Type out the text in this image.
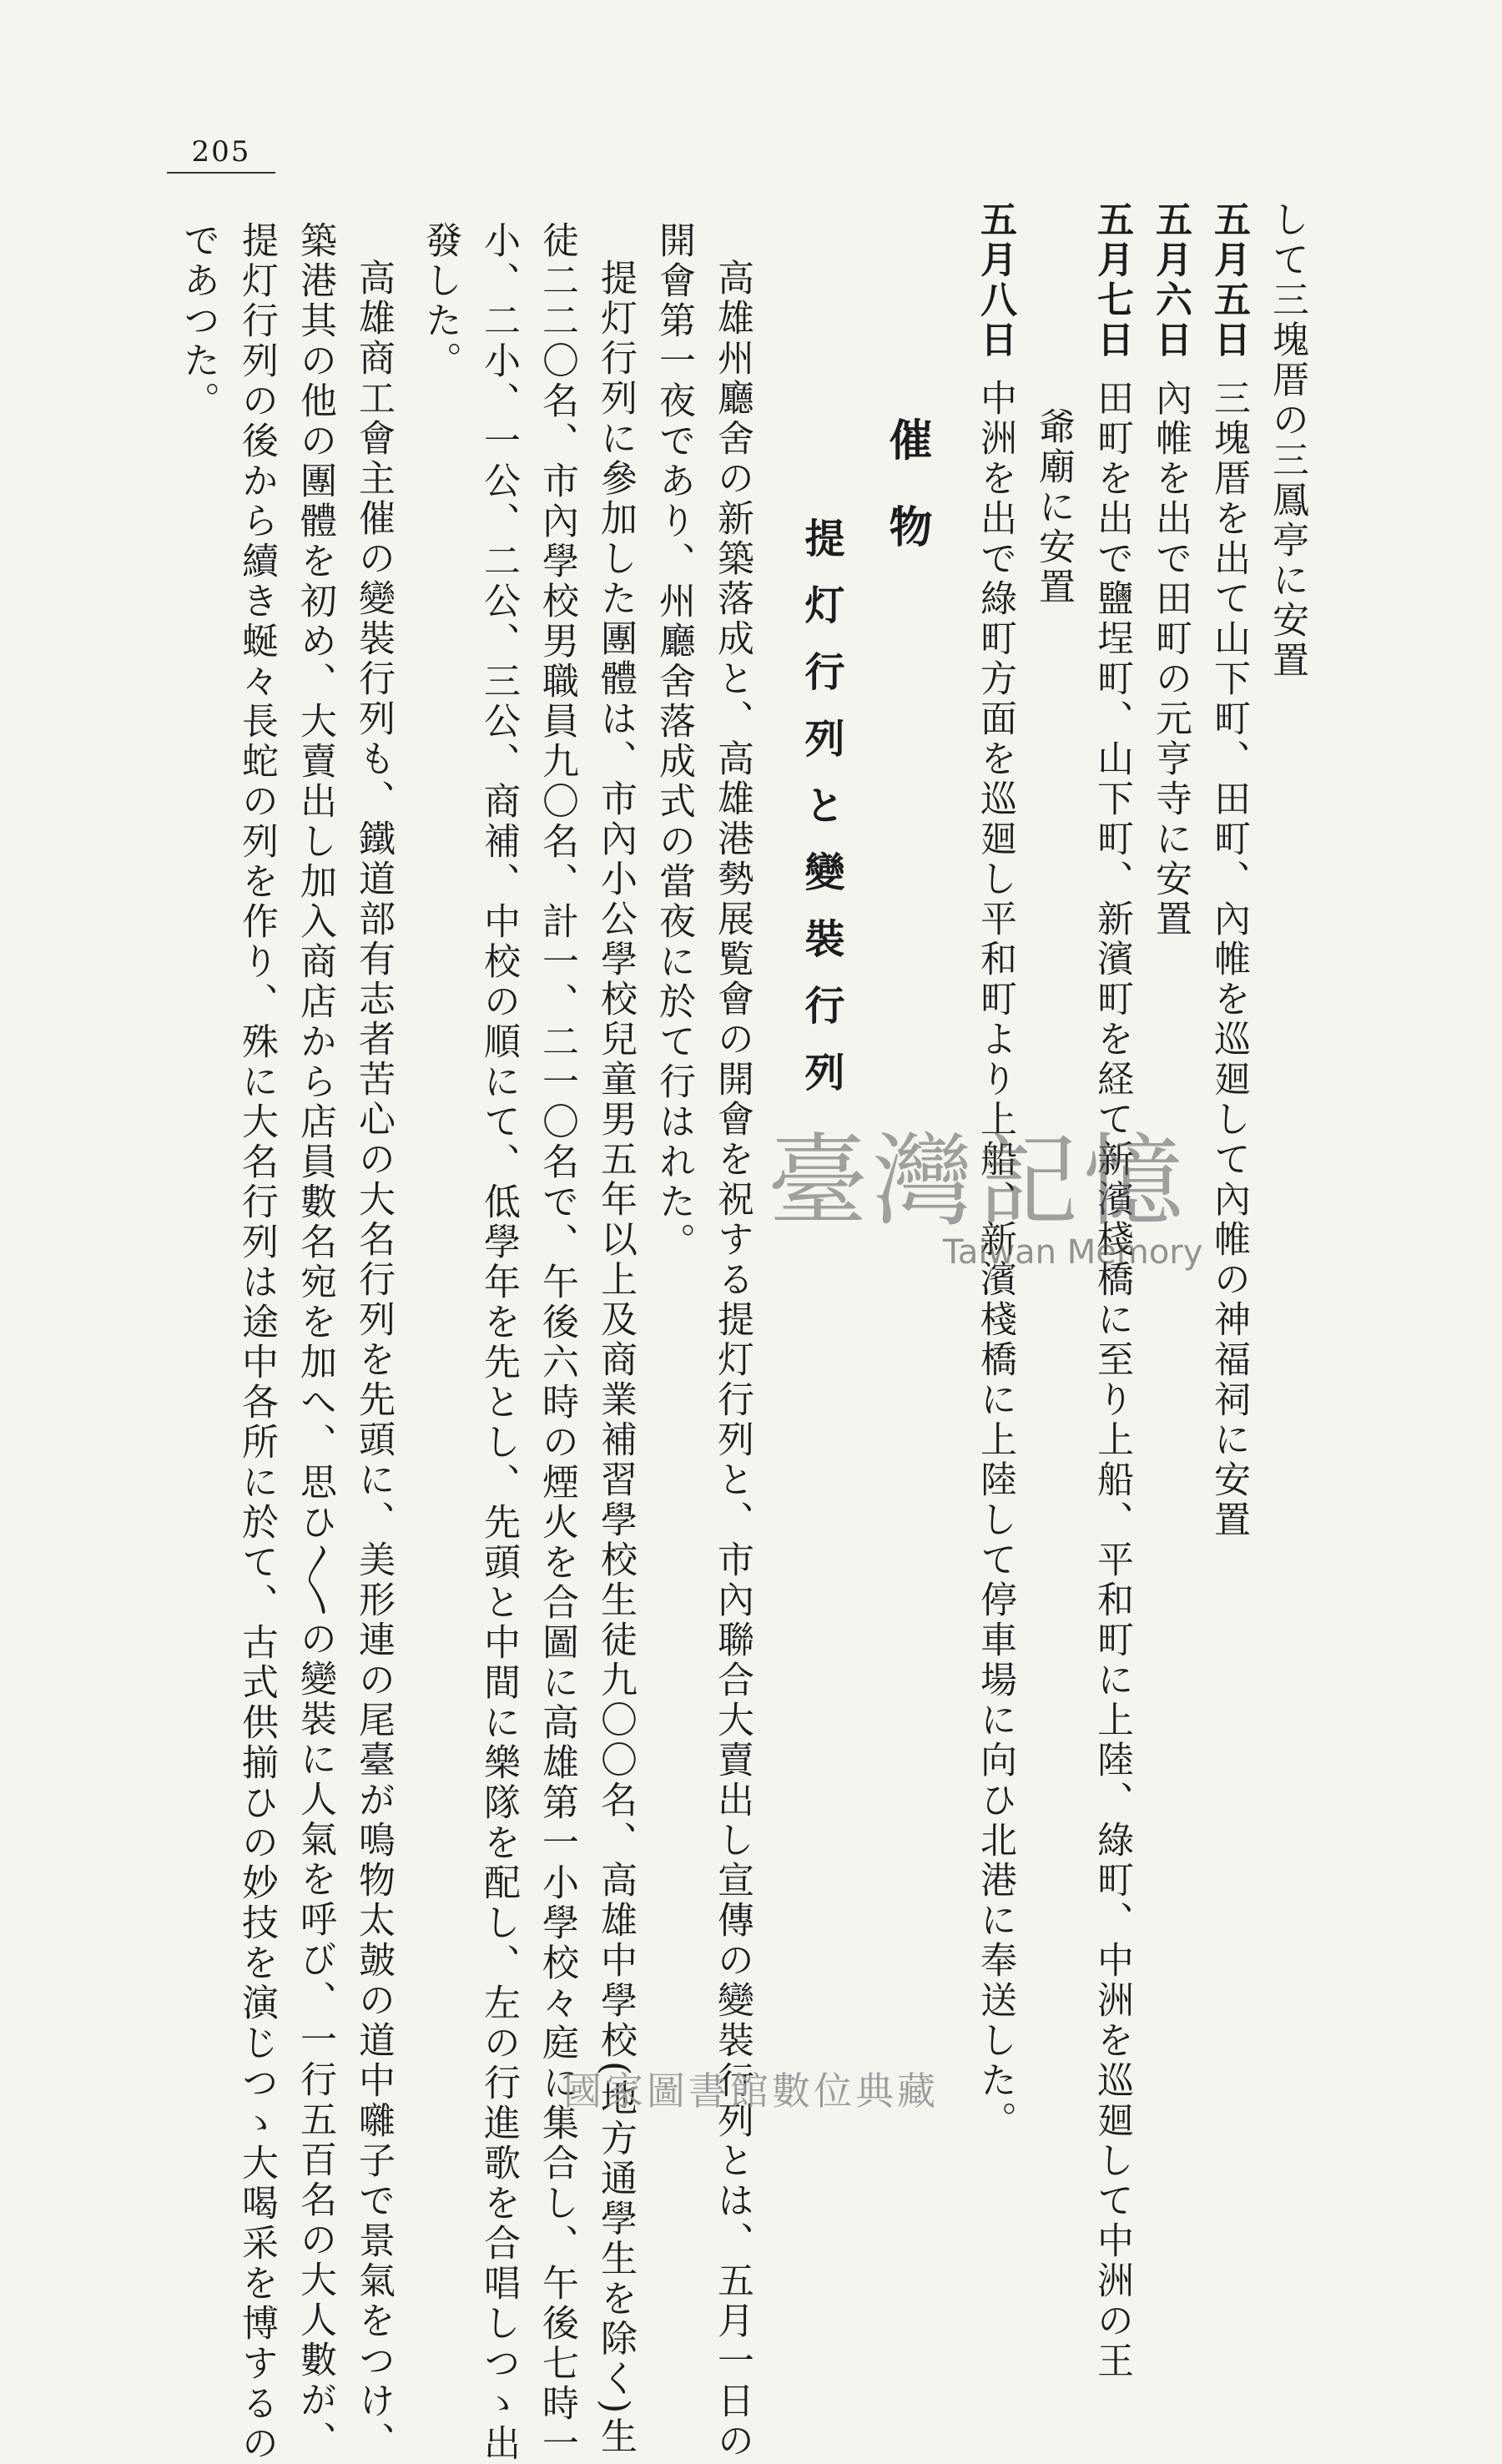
205
して三塊厝の三鳳亭に安置
五月五日三塊厝を出て山下町、田町、內帷を巡廻して內帷の神福祠に安置
五月六日內帷を出で田町の元亨寺に安置
五月七日田町を出で鹽埕町、山下町、新濱町を経て新濱棧橋に至り上船、平和町に上陸、綠町、中洲を巡廻して中洲の王
爺廟に安置
五月八日中洲を出で綠町方面を巡廻し平和町より上船、新濱棧橋に上陸して停車場に向ひ北港に奉送した。
催物
提灯行列と變裝行列
高雄州廳舍の新築落成と、高雄港勢展覧會の開會を祝する提灯行列と、市內聯合大賣出し宣傳の變裝行列とは、五月一日の
開會第一夜であり、州廳舍落成式の當夜に於て行はれた。
提灯行列に參加した團體は、市內小公學校兒童男五年以上及商業補習學校生徒九〇〇名、高雄中學校(地方通學生を除く)生
徒二二〇名、市內學校男職員九〇名、計一、二一〇名で、午後六時の煙火を合圖に高雄第一小學校々庭に集合し、午後七時一
小、二小、一公、二公、三公、商補、中校の順にて、低學年を先とし、先頭と中間に樂隊を配し、左の行進歌を合唱しつゝ出
發した。
高雄商工會主催の變裝行列も、鐵道部有志者苦心の大名行列を先頭に、美形連の尾臺が鳴物太皷の道中囃子で景氣をつけ、
築港其の他の團體を初め、大賣出し加入商店から店員數名宛を加へ、思ひ〳〵の變裝に人氣を呼び、一行五百名の大人數が、
提灯行列の後から續き蜒々長蛇の列を作り、殊に大名行列は途中各所に於て、古式供揃ひの妙技を演じつゝ大喝采を博するの
であつた。
臺灣記憶
Taiwan Memory
國家圖書館數位典藏
